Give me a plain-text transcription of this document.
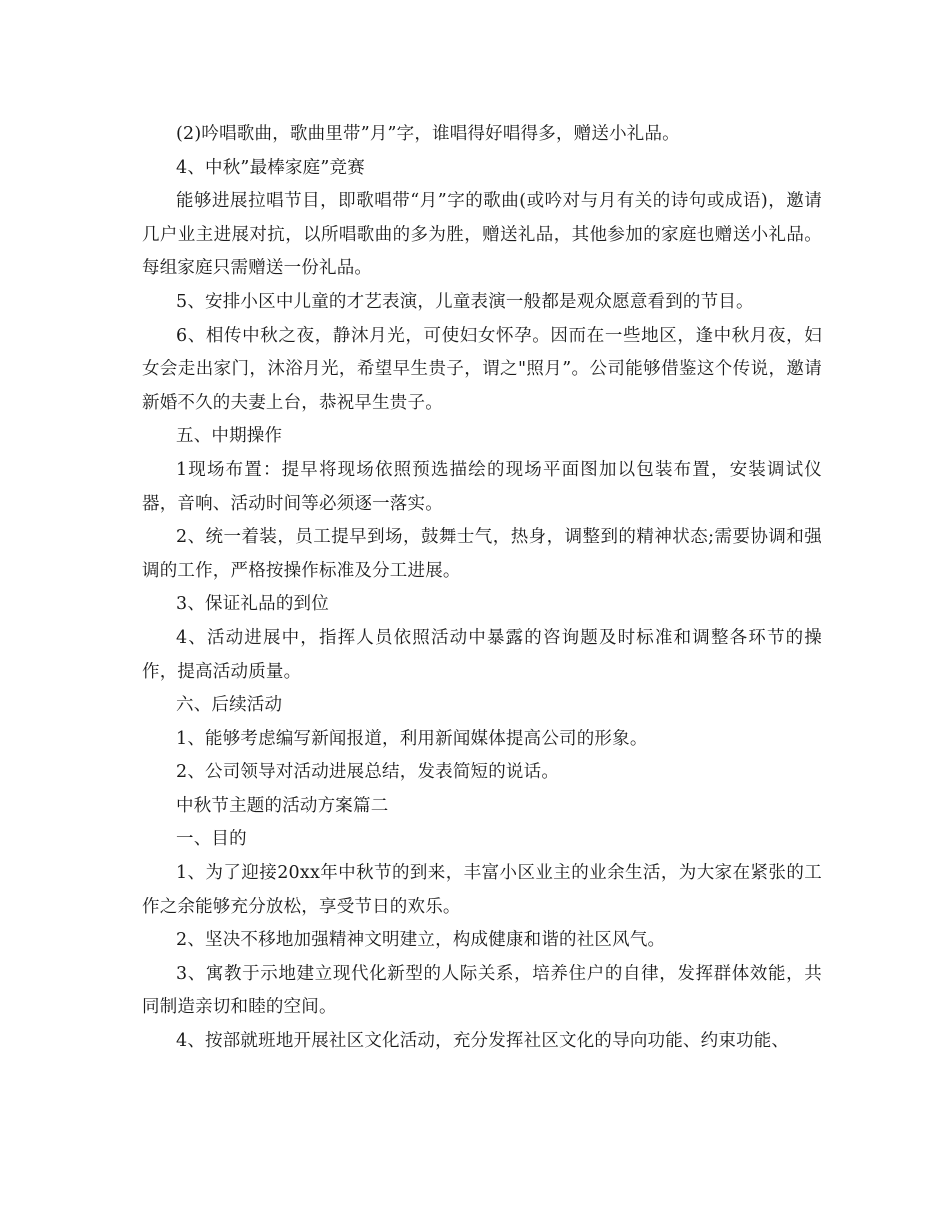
(2)吟唱歌曲，歌曲里带”月”字，谁唱得好唱得多，赠送小礼品。

4、中秋”最棒家庭”竞赛

能够进展拉唱节目，即歌唱带“月”字的歌曲(或吟对与月有关的诗句或成语)，邀请几户业主进展对抗，以所唱歌曲的多为胜，赠送礼品，其他参加的家庭也赠送小礼品。每组家庭只需赠送一份礼品。

5、安排小区中儿童的才艺表演，儿童表演一般都是观众愿意看到的节目。

6、相传中秋之夜，静沐月光，可使妇女怀孕。因而在一些地区，逢中秋月夜，妇女会走出家门，沐浴月光，希望早生贵子，谓之"照月”。公司能够借鉴这个传说，邀请新婚不久的夫妻上台，恭祝早生贵子。

五、中期操作

1现场布置：提早将现场依照预选描绘的现场平面图加以包装布置，安装调试仪器，音响、活动时间等必须逐一落实。

2、统一着装，员工提早到场，鼓舞士气，热身，调整到的精神状态;需要协调和强调的工作，严格按操作标准及分工进展。

3、保证礼品的到位

4、活动进展中，指挥人员依照活动中暴露的咨询题及时标准和调整各环节的操作，提高活动质量。

六、后续活动

1、能够考虑编写新闻报道，利用新闻媒体提高公司的形象。

2、公司领导对活动进展总结，发表简短的说话。

中秋节主题的活动方案篇二

一、目的

1、为了迎接20xx年中秋节的到来，丰富小区业主的业余生活，为大家在紧张的工作之余能够充分放松，享受节日的欢乐。

2、坚决不移地加强精神文明建立，构成健康和谐的社区风气。

3、寓教于示地建立现代化新型的人际关系，培养住户的自律，发挥群体效能，共同制造亲切和睦的空间。

4、按部就班地开展社区文化活动，充分发挥社区文化的导向功能、约束功能、
